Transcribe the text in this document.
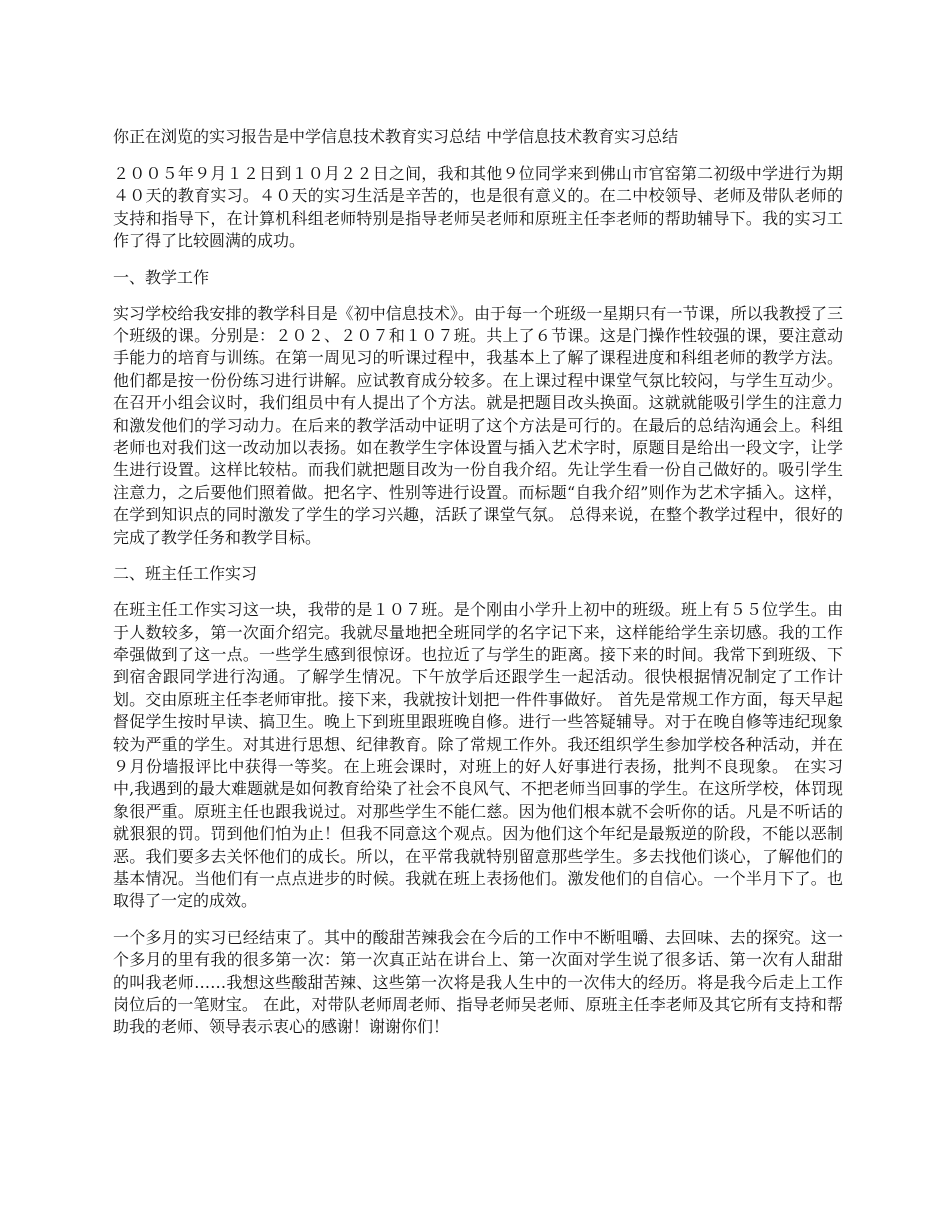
你正在浏览的实习报告是中学信息技术教育实习总结 中学信息技术教育实习总结

２００５年９月１２日到１０月２２日之间，我和其他９位同学来到佛山市官窑第二初级中学进行为期４０天的教育实习。４０天的实习生活是辛苦的，也是很有意义的。在二中校领导、老师及带队老师的支持和指导下，在计算机科组老师特别是指导老师吴老师和原班主任李老师的帮助辅导下。我的实习工作了得了比较圆满的成功。

一、教学工作

实习学校给我安排的教学科目是《初中信息技术》。由于每一个班级一星期只有一节课，所以我教授了三个班级的课。分别是：２０２、２０７和１０７班。共上了６节课。这是门操作性较强的课，要注意动手能力的培育与训练。在第一周见习的听课过程中，我基本上了解了课程进度和科组老师的教学方法。他们都是按一份份练习进行讲解。应试教育成分较多。在上课过程中课堂气氛比较闷，与学生互动少。在召开小组会议时，我们组员中有人提出了个方法。就是把题目改头换面。这就就能吸引学生的注意力和激发他们的学习动力。在后来的教学活动中证明了这个方法是可行的。在最后的总结沟通会上。科组老师也对我们这一改动加以表扬。如在教学生字体设置与插入艺术字时，原题目是给出一段文字，让学生进行设置。这样比较枯。而我们就把题目改为一份自我介绍。先让学生看一份自己做好的。吸引学生注意力，之后要他们照着做。把名字、性别等进行设置。而标题“自我介绍”则作为艺术字插入。这样，在学到知识点的同时激发了学生的学习兴趣，活跃了课堂气氛。 总得来说，在整个教学过程中，很好的完成了教学任务和教学目标。

二、班主任工作实习

在班主任工作实习这一块，我带的是１０７班。是个刚由小学升上初中的班级。班上有５５位学生。由于人数较多，第一次面介绍完。我就尽量地把全班同学的名字记下来，这样能给学生亲切感。我的工作牵强做到了这一点。一些学生感到很惊讶。也拉近了与学生的距离。接下来的时间。我常下到班级、下到宿舍跟同学进行沟通。了解学生情况。下午放学后还跟学生一起活动。很快根据情况制定了工作计划。交由原班主任李老师审批。接下来，我就按计划把一件件事做好。 首先是常规工作方面，每天早起督促学生按时早读、搞卫生。晚上下到班里跟班晚自修。进行一些答疑辅导。对于在晚自修等违纪现象较为严重的学生。对其进行思想、纪律教育。除了常规工作外。我还组织学生参加学校各种活动，并在９月份墙报评比中获得一等奖。在上班会课时，对班上的好人好事进行表扬，批判不良现象。 在实习中,我遇到的最大难题就是如何教育给染了社会不良风气、不把老师当回事的学生。在这所学校，体罚现象很严重。原班主任也跟我说过。对那些学生不能仁慈。因为他们根本就不会听你的话。凡是不听话的就狠狠的罚。罚到他们怕为止！但我不同意这个观点。因为他们这个年纪是最叛逆的阶段，不能以恶制恶。我们要多去关怀他们的成长。所以，在平常我就特别留意那些学生。多去找他们谈心，了解他们的基本情况。当他们有一点点进步的时候。我就在班上表扬他们。激发他们的自信心。一个半月下了。也取得了一定的成效。

一个多月的实习已经结束了。其中的酸甜苦辣我会在今后的工作中不断咀嚼、去回味、去的探究。这一个多月的里有我的很多第一次：第一次真正站在讲台上、第一次面对学生说了很多话、第一次有人甜甜的叫我老师……我想这些酸甜苦辣、这些第一次将是我人生中的一次伟大的经历。将是我今后走上工作岗位后的一笔财宝。 在此，对带队老师周老师、指导老师吴老师、原班主任李老师及其它所有支持和帮助我的老师、领导表示衷心的感谢！谢谢你们！
